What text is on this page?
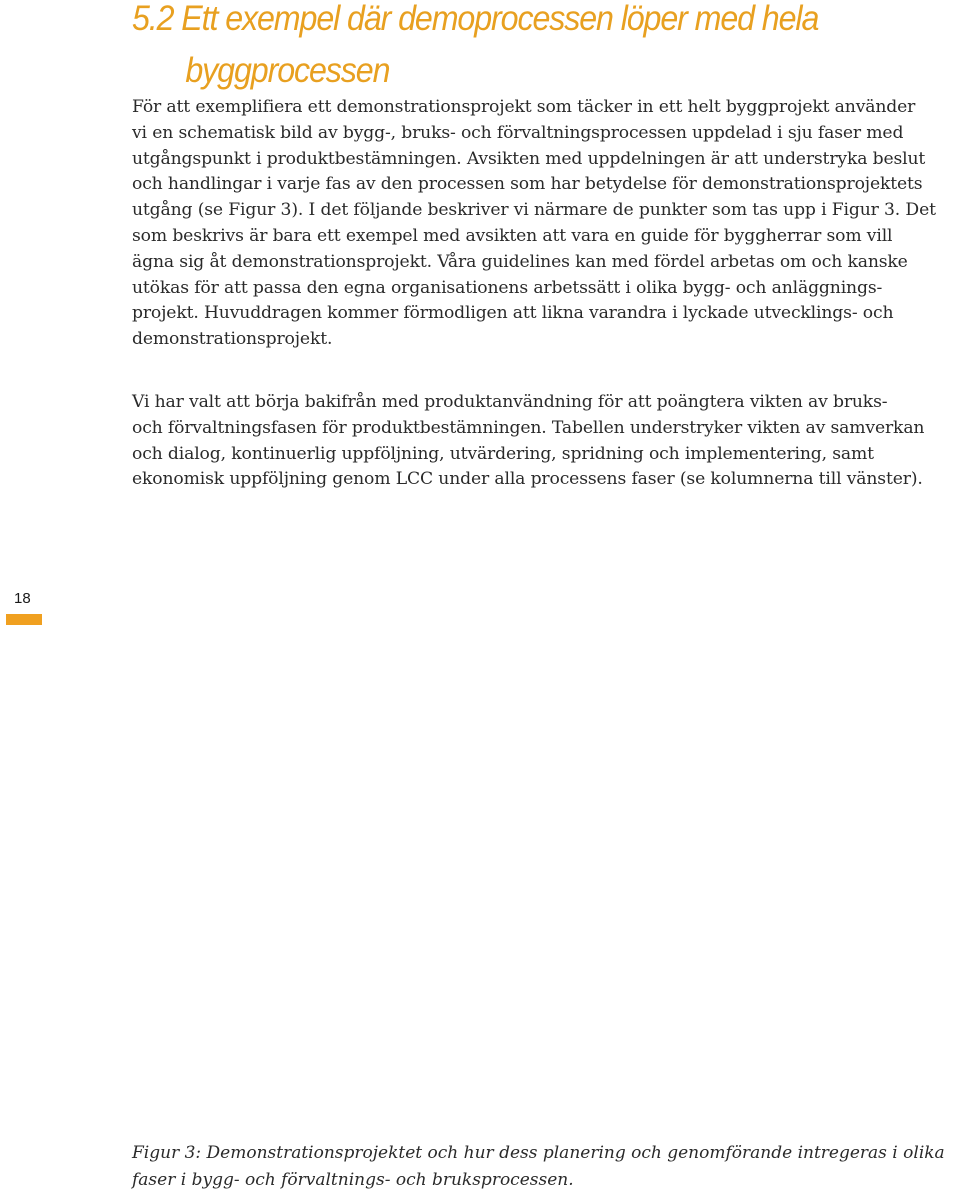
5.2 Ett exempel där demoprocessen löper med hela
byggprocessen

För att exemplifiera ett demonstrationsprojekt som täcker in ett helt byggprojekt använder
vi en schematisk bild av bygg-, bruks- och förvaltningsprocessen uppdelad i sju faser med
utgångspunkt i produktbestämningen. Avsikten med uppdelningen är att understryka beslut
och handlingar i varje fas av den processen som har betydelse för demonstrationsprojektets
utgång (se Figur 3). I det följande beskriver vi närmare de punkter som tas upp i Figur 3. Det
som beskrivs är bara ett exempel med avsikten att vara en guide för byggherrar som vill
ägna sig åt demonstrationsprojekt. Våra guidelines kan med fördel arbetas om och kanske
utökas för att passa den egna organisationens arbetssätt i olika bygg- och anläggnings-
projekt. Huvuddragen kommer förmodligen att likna varandra i lyckade utvecklings- och
demonstrationsprojekt.

Vi har valt att börja bakifrån med produktanvändning för att poängtera vikten av bruks-
och förvaltningsfasen för produktbestämningen. Tabellen understryker vikten av samverkan
och dialog, kontinuerlig uppföljning, utvärdering, spridning och implementering, samt
ekonomisk uppföljning genom LCC under alla processens faser (se kolumnerna till vänster).

18

Figur 3: Demonstrationsprojektet och hur dess planering och genomförande intregeras i olika
faser i bygg- och förvaltnings- och bruksprocessen.
